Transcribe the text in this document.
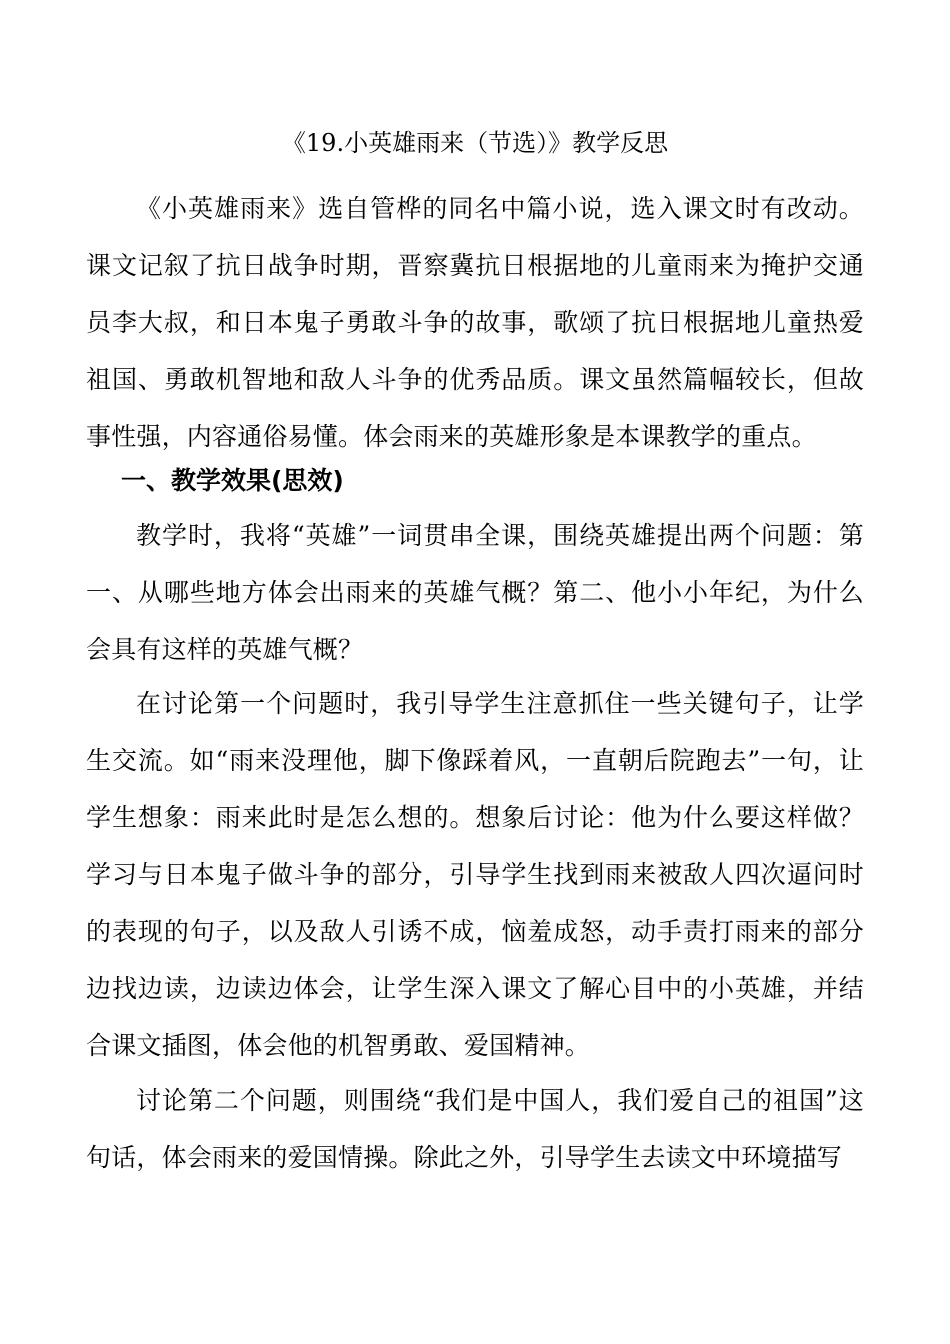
《19.小英雄雨来（节选）》教学反思

《小英雄雨来》选自管桦的同名中篇小说，选入课文时有改动。课文记叙了抗日战争时期，晋察冀抗日根据地的儿童雨来为掩护交通员李大叔，和日本鬼子勇敢斗争的故事，歌颂了抗日根据地儿童热爱祖国、勇敢机智地和敌人斗争的优秀品质。课文虽然篇幅较长，但故事性强，内容通俗易懂。体会雨来的英雄形象是本课教学的重点。

一、教学效果(思效)

教学时，我将“英雄”一词贯串全课，围绕英雄提出两个问题：第一、从哪些地方体会出雨来的英雄气概？第二、他小小年纪，为什么会具有这样的英雄气概？

在讨论第一个问题时，我引导学生注意抓住一些关键句子，让学生交流。如“雨来没理他，脚下像踩着风，一直朝后院跑去”一句，让学生想象：雨来此时是怎么想的。想象后讨论：他为什么要这样做？学习与日本鬼子做斗争的部分，引导学生找到雨来被敌人四次逼问时的表现的句子，以及敌人引诱不成，恼羞成怒，动手责打雨来的部分边找边读，边读边体会，让学生深入课文了解心目中的小英雄，并结合课文插图，体会他的机智勇敢、爱国精神。

讨论第二个问题，则围绕“我们是中国人，我们爱自己的祖国”这句话，体会雨来的爱国情操。除此之外，引导学生去读文中环境描写
